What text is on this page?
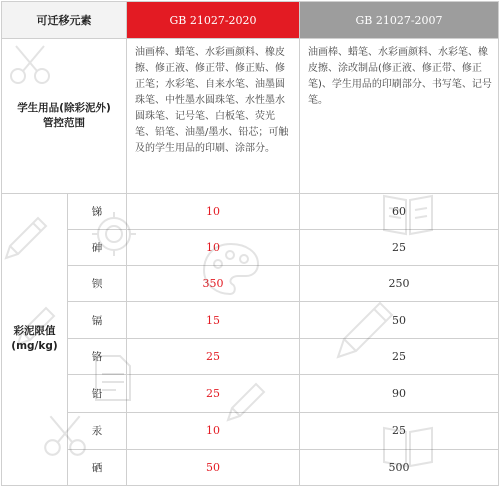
可迁移元素		GB 21027-2020	GB 21027-2007

学生用品(除彩泥外)
管控范围		油画棒、蜡笔、水彩画颜料、橡皮擦、修正液、修正带、修正贴、修正笔；水彩笔、自来水笔、油墨圆珠笔、中性墨水圆珠笔、水性墨水圆珠笔、记号笔、白板笔、荧光笔、铅笔、油墨/墨水、铅芯；可触及的学生用品的印刷、涂部分。	油画棒、蜡笔、水彩画颜料、水彩笔、橡皮擦、涂改制品(修正液、修正带、修正笔)、学生用品的印刷部分、书写笔、记号笔。

彩泥限值
(mg/kg)	锑	10	60
	砷	10	25
	钡	350	250
	镉	15	50
	铬	25	25
	铅	25	90
	汞	10	25
	硒	50	500
